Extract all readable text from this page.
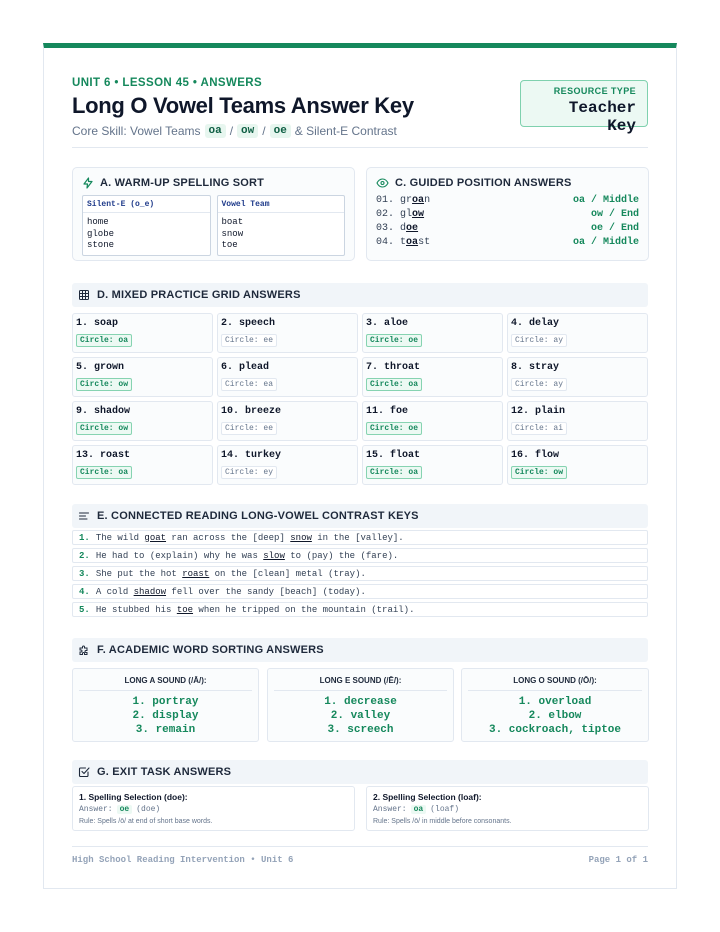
UNIT 6 • LESSON 45 • ANSWERS
Long O Vowel Teams Answer Key
Core Skill: Vowel Teams oa / ow / oe & Silent-E Contrast
RESOURCE TYPE
Teacher Key
A. WARM-UP SPELLING SORT
Silent-E (o_e)
home
globe
stone
Vowel Team
boat
snow
toe
C. GUIDED POSITION ANSWERS
01. groan	oa / Middle
02. glow	ow / End
03. doe	oe / End
04. toast	oa / Middle
D. MIXED PRACTICE GRID ANSWERS
1. soap
Circle: oa
2. speech
Circle: ee
3. aloe
Circle: oe
4. delay
Circle: ay
5. grown
Circle: ow
6. plead
Circle: ea
7. throat
Circle: oa
8. stray
Circle: ay
9. shadow
Circle: ow
10. breeze
Circle: ee
11. foe
Circle: oe
12. plain
Circle: ai
13. roast
Circle: oa
14. turkey
Circle: ey
15. float
Circle: oa
16. flow
Circle: ow
E. CONNECTED READING LONG-VOWEL CONTRAST KEYS
1. The wild goat ran across the [deep] snow in the [valley].
2. He had to (explain) why he was slow to (pay) the (fare).
3. She put the hot roast on the [clean] metal (tray).
4. A cold shadow fell over the sandy [beach] (today).
5. He stubbed his toe when he tripped on the mountain (trail).
F. ACADEMIC WORD SORTING ANSWERS
LONG A SOUND (/Ā/):
1. portray
2. display
3. remain
LONG E SOUND (/Ē/):
1. decrease
2. valley
3. screech
LONG O SOUND (/Ō/):
1. overload
2. elbow
3. cockroach, tiptoe
G. EXIT TASK ANSWERS
1. Spelling Selection (doe):
Answer: oe (doe)
Rule: Spells /ō/ at end of short base words.
2. Spelling Selection (loaf):
Answer: oa (loaf)
Rule: Spells /ō/ in middle before consonants.
High School Reading Intervention • Unit 6	Page 1 of 1
